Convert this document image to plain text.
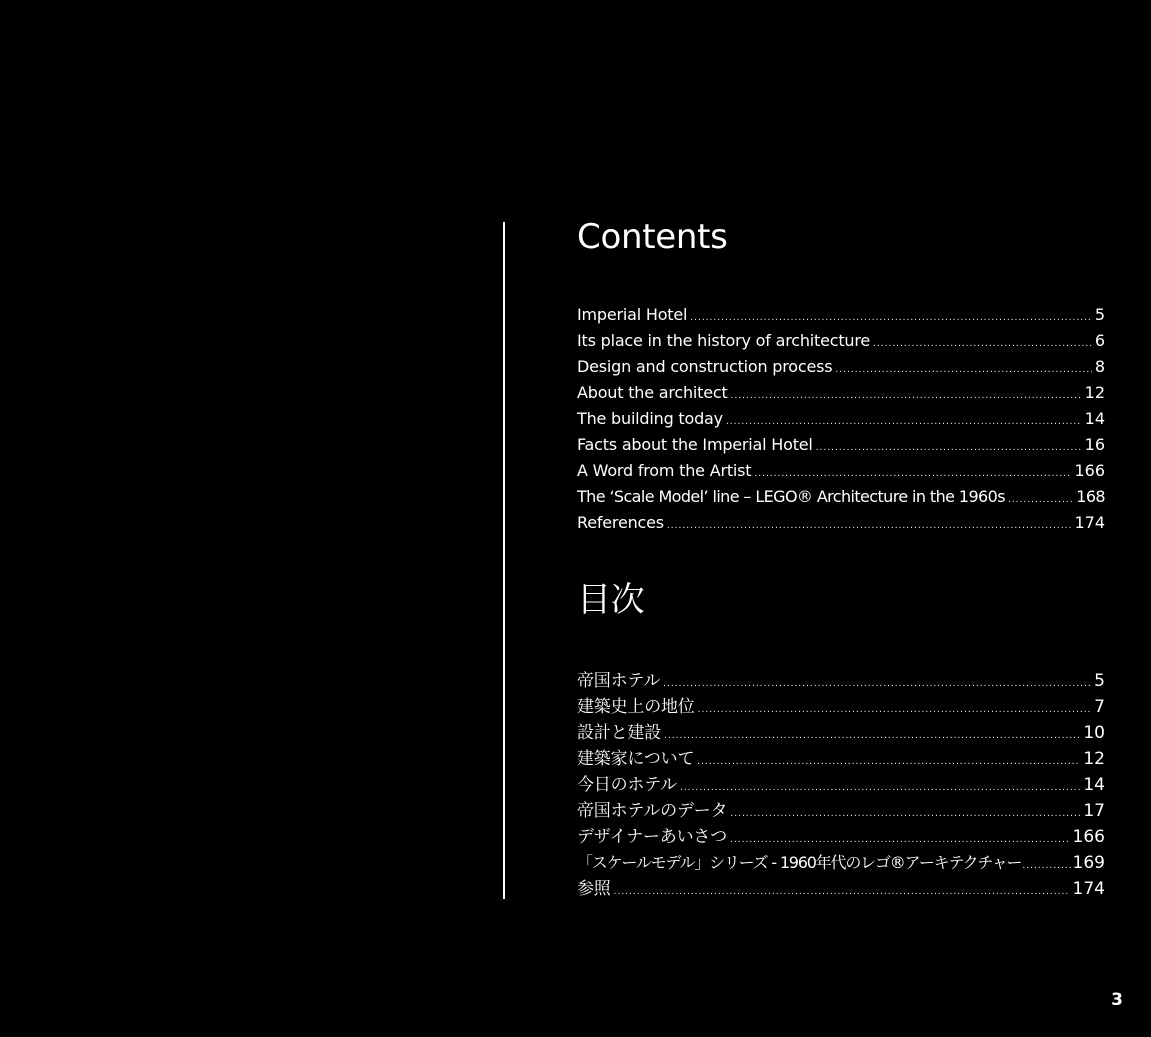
Contents
Imperial Hotel .....	5
Its place in the history of architecture .....	6
Design and construction process .....	8
About the architect .....	12
The building today .....	14
Facts about the Imperial Hotel .....	16
A Word from the Artist .....	166
The ‘Scale Model’ line – LEGO® Architecture in the 1960s .....	168
References .....	174
目次
帝国ホテル .....	5
建築史上の地位 .....	7
設計と建設 .....	10
建築家について .....	12
今日のホテル .....	14
帝国ホテルのデータ .....	17
デザイナーあいさつ .....	166
「スケールモデル」シリーズ - 1960年代のレゴ®アーキテクチャー .....	169
参照 .....	174
3
